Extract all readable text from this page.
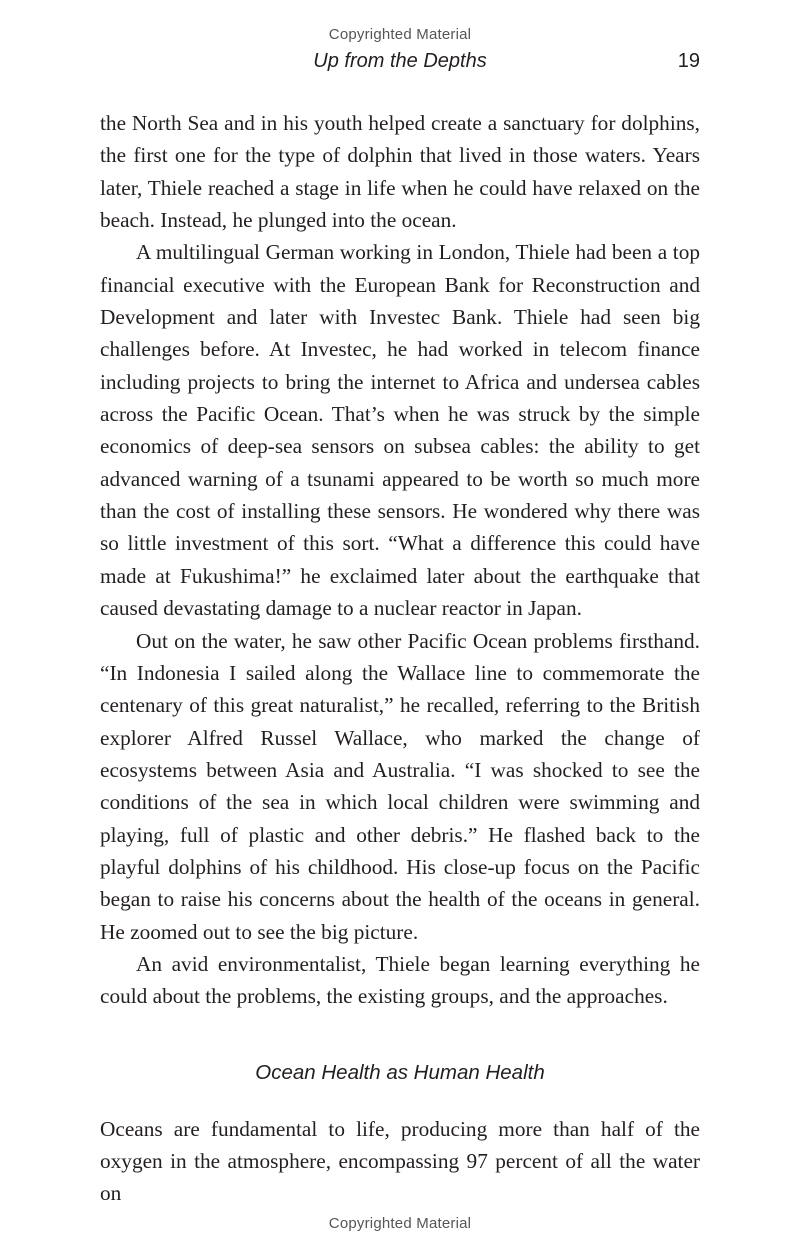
Copyrighted Material
Up from the Depths	19

the North Sea and in his youth helped create a sanctuary for dolphins, the first one for the type of dolphin that lived in those waters. Years later, Thiele reached a stage in life when he could have relaxed on the beach. Instead, he plunged into the ocean.

A multilingual German working in London, Thiele had been a top financial executive with the European Bank for Reconstruction and Development and later with Investec Bank. Thiele had seen big challenges before. At Investec, he had worked in telecom finance including projects to bring the internet to Africa and undersea cables across the Pacific Ocean. That’s when he was struck by the simple economics of deep-sea sensors on subsea cables: the ability to get advanced warning of a tsunami appeared to be worth so much more than the cost of installing these sensors. He wondered why there was so little investment of this sort. “What a difference this could have made at Fukushima!” he exclaimed later about the earthquake that caused devastating damage to a nuclear reactor in Japan.

Out on the water, he saw other Pacific Ocean problems firsthand. “In Indonesia I sailed along the Wallace line to commemorate the centenary of this great naturalist,” he recalled, referring to the British explorer Alfred Russel Wallace, who marked the change of ecosystems between Asia and Australia. “I was shocked to see the conditions of the sea in which local children were swimming and playing, full of plastic and other debris.” He flashed back to the playful dolphins of his childhood. His close-up focus on the Pacific began to raise his concerns about the health of the oceans in general. He zoomed out to see the big picture.

An avid environmentalist, Thiele began learning everything he could about the problems, the existing groups, and the approaches.

Ocean Health as Human Health

Oceans are fundamental to life, producing more than half of the oxygen in the atmosphere, encompassing 97 percent of all the water on

Copyrighted Material
